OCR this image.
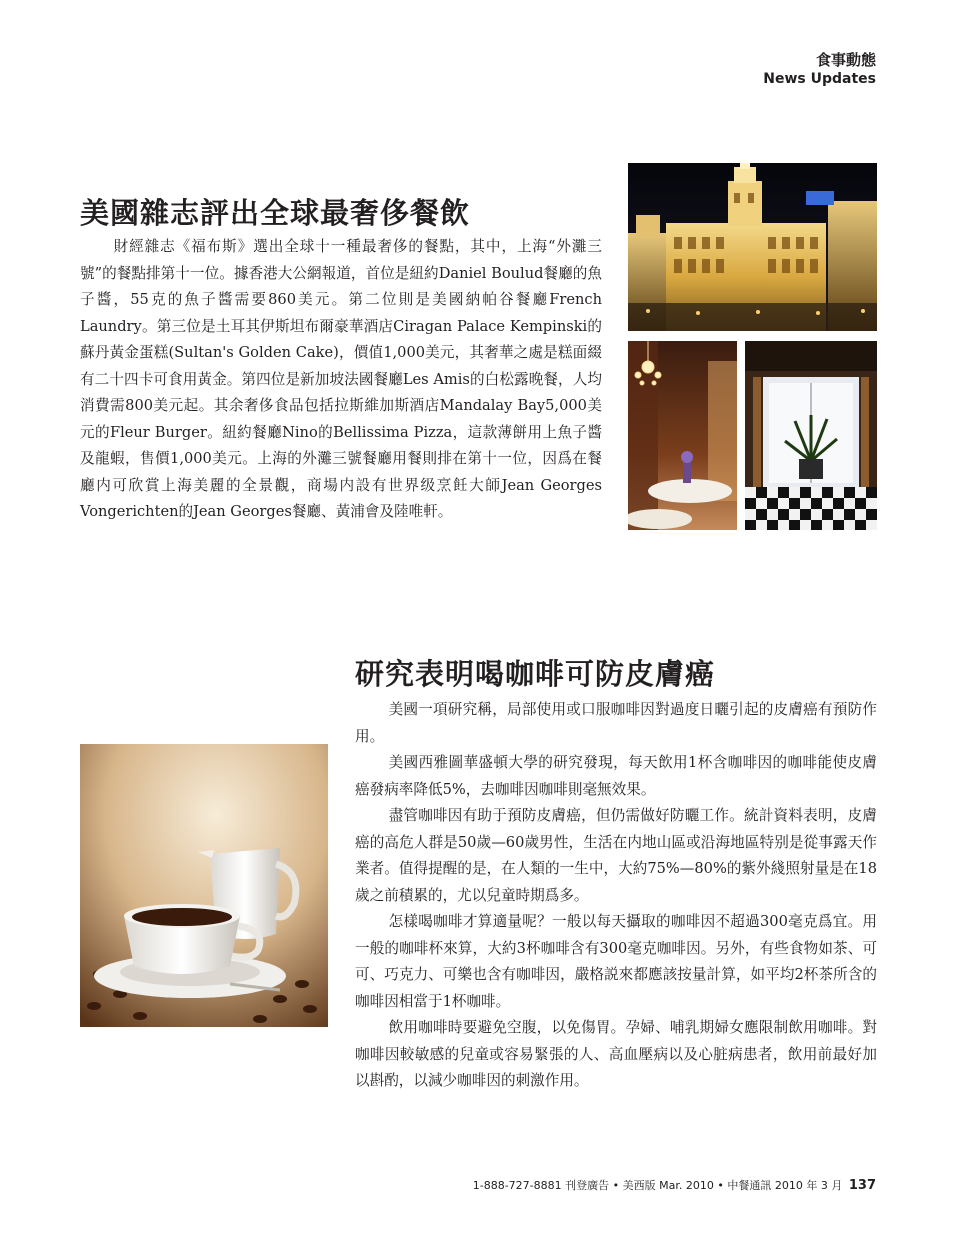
食事動態
News Updates
美國雜志評出全球最奢侈餐飲

財經雜志《福布斯》選出全球十一種最奢侈的餐點，其中，上海“外灘三號”的餐點排第十一位。據香港大公網報道，首位是紐約Daniel Boulud餐廳的魚子醬，55克的魚子醬需要860美元。第二位則是美國納帕谷餐廳French Laundry。第三位是土耳其伊斯坦布爾豪華酒店Ciragan Palace Kempinski的蘇丹黃金蛋糕(Sultan's Golden Cake)，價值1,000美元，其奢華之處是糕面綴有二十四卡可食用黃金。第四位是新加坡法國餐廳Les Amis的白松露晚餐，人均消費需800美元起。其余奢侈食品包括拉斯維加斯酒店Mandalay Bay5,000美元的Fleur Burger。紐約餐廳Nino的Bellissima Pizza，這款薄餅用上魚子醬及龍蝦，售價1,000美元。上海的外灘三號餐廳用餐則排在第十一位，因爲在餐廳内可欣賞上海美麗的全景觀，商場内設有世界级烹飪大師Jean Georges Vongerichten的Jean Georges餐廳、黃浦會及陸唯軒。

研究表明喝咖啡可防皮膚癌

美國一項研究稱，局部使用或口服咖啡因對過度日曬引起的皮膚癌有預防作用。

美國西雅圖華盛頓大學的研究發現，每天飲用1杯含咖啡因的咖啡能使皮膚癌發病率降低5%，去咖啡因咖啡則毫無效果。

盡管咖啡因有助于預防皮膚癌，但仍需做好防曬工作。統計資料表明，皮膚癌的高危人群是50歲—60歲男性，生活在内地山區或沿海地區特别是從事露天作業者。值得提醒的是，在人類的一生中，大約75%—80%的紫外綫照射量是在18歲之前積累的，尤以兒童時期爲多。

怎樣喝咖啡才算適量呢？一般以每天攝取的咖啡因不超過300毫克爲宜。用一般的咖啡杯來算，大約3杯咖啡含有300毫克咖啡因。另外，有些食物如茶、可可、巧克力、可樂也含有咖啡因，嚴格説來都應該按量計算，如平均2杯茶所含的咖啡因相當于1杯咖啡。

飲用咖啡時要避免空腹，以免傷胃。孕婦、哺乳期婦女應限制飲用咖啡。對咖啡因較敏感的兒童或容易緊張的人、高血壓病以及心脏病患者，飲用前最好加以斟酌，以減少咖啡因的刺激作用。

1-888-727-8881 刊登廣告 • 美西版 Mar. 2010 • 中餐通訊 2010 年 3 月 137
